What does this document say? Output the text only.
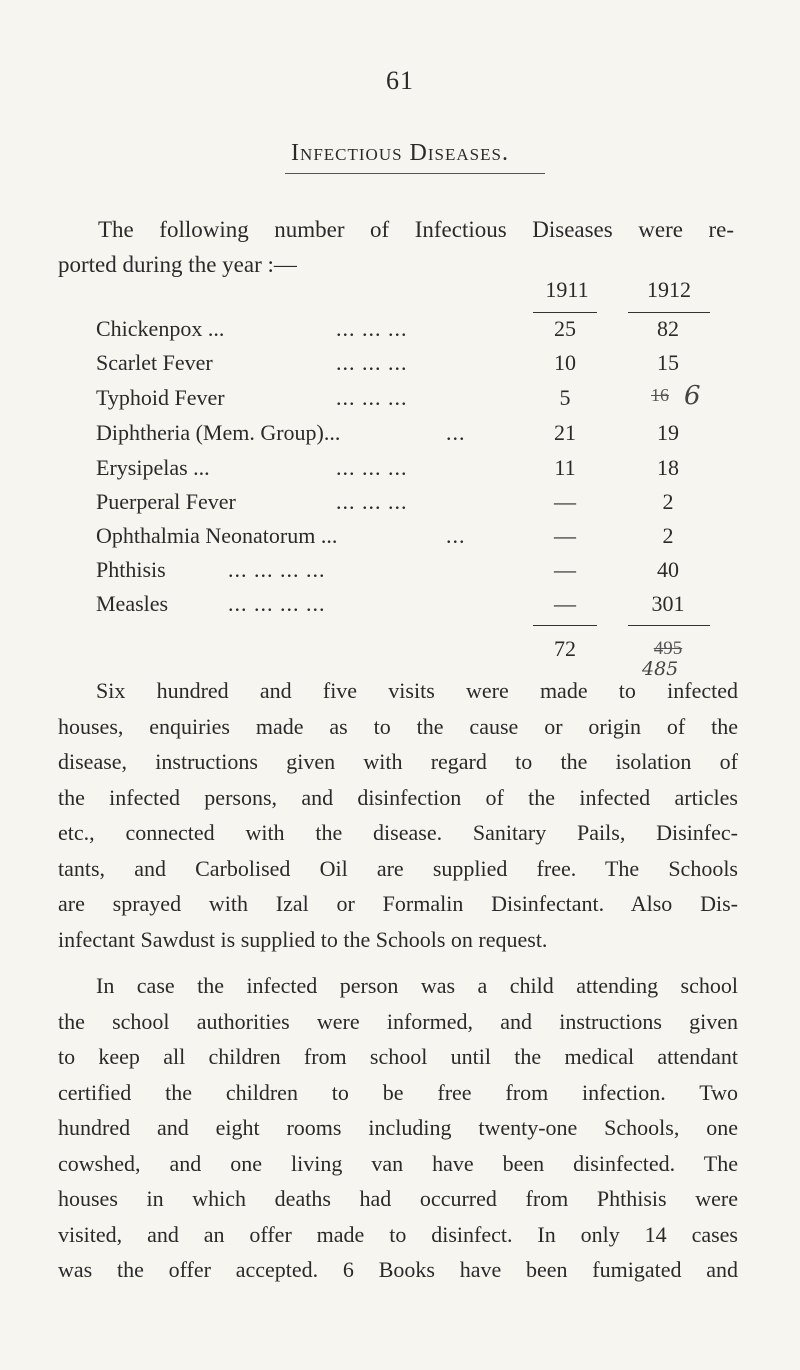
61
Infectious Diseases.
The following number of Infectious Diseases were re-
ported during the year :—
1911	1912
Chickenpox ...	... ... ...	25	82
Scarlet Fever	... ... ...	10	15
Typhoid Fever	... ... ...	5	16 6
Diphtheria (Mem. Group)...	...	21	19
Erysipelas ...	... ... ...	11	18
Puerperal Fever	... ... ...	—	2
Ophthalmia Neonatorum ...	...	—	2
Phthisis	... ... ... ...	—	40
Measles	... ... ... ...	—	301
72	495
485
Six hundred and five visits were made to infected
houses, enquiries made as to the cause or origin of the
disease, instructions given with regard to the isolation of
the infected persons, and disinfection of the infected articles
etc., connected with the disease. Sanitary Pails, Disinfec-
tants, and Carbolised Oil are supplied free. The Schools
are sprayed with Izal or Formalin Disinfectant. Also Dis-
infectant Sawdust is supplied to the Schools on request.
In case the infected person was a child attending school
the school authorities were informed, and instructions given
to keep all children from school until the medical attendant
certified the children to be free from infection. Two
hundred and eight rooms including twenty-one Schools, one
cowshed, and one living van have been disinfected. The
houses in which deaths had occurred from Phthisis were
visited, and an offer made to disinfect. In only 14 cases
was the offer accepted. 6 Books have been fumigated and
